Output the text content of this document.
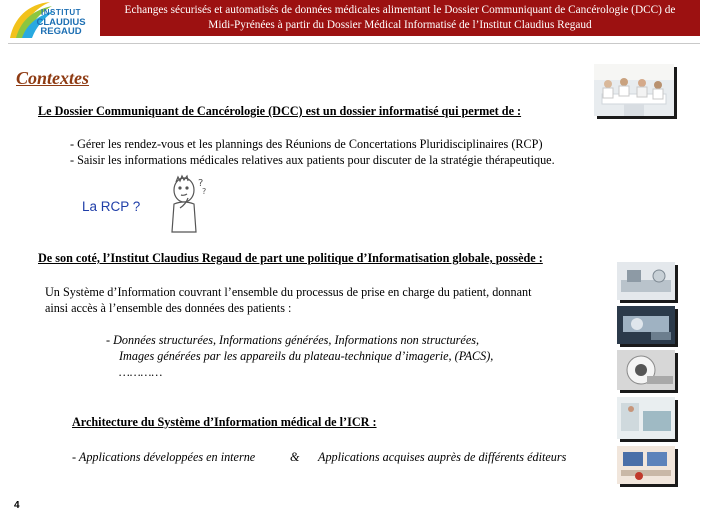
INSTITUT
CLAUDIUS
REGAUD
Echanges sécurisés et automatisés de données médicales alimentant le Dossier Communiquant de Cancérologie (DCC) de
Midi-Pyrénées à partir du Dossier Médical Informatisé de l’Institut Claudius Regaud
Contextes
Le Dossier Communiquant de Cancérologie (DCC) est un dossier informatisé qui permet de :
- Gérer les rendez-vous et les plannings des Réunions de Concertations Pluridisciplinaires (RCP)
- Saisir les informations médicales relatives aux patients pour discuter de la stratégie thérapeutique.
La RCP ?
?
?
De son coté, l’Institut Claudius Regaud de part une politique d’Informatisation globale, possède :
Un Système d’Information couvrant l’ensemble du processus de prise en charge du patient, donnant
ainsi accès à l’ensemble des données des patients :
- Données structurées, Informations générées, Informations non structurées,
Images générées par les appareils du plateau-technique d’imagerie, (PACS),
…………
Architecture du Système d’Information médical de l’ICR :
- Applications développées en interne	& Applications acquises auprès de différents éditeurs
4
